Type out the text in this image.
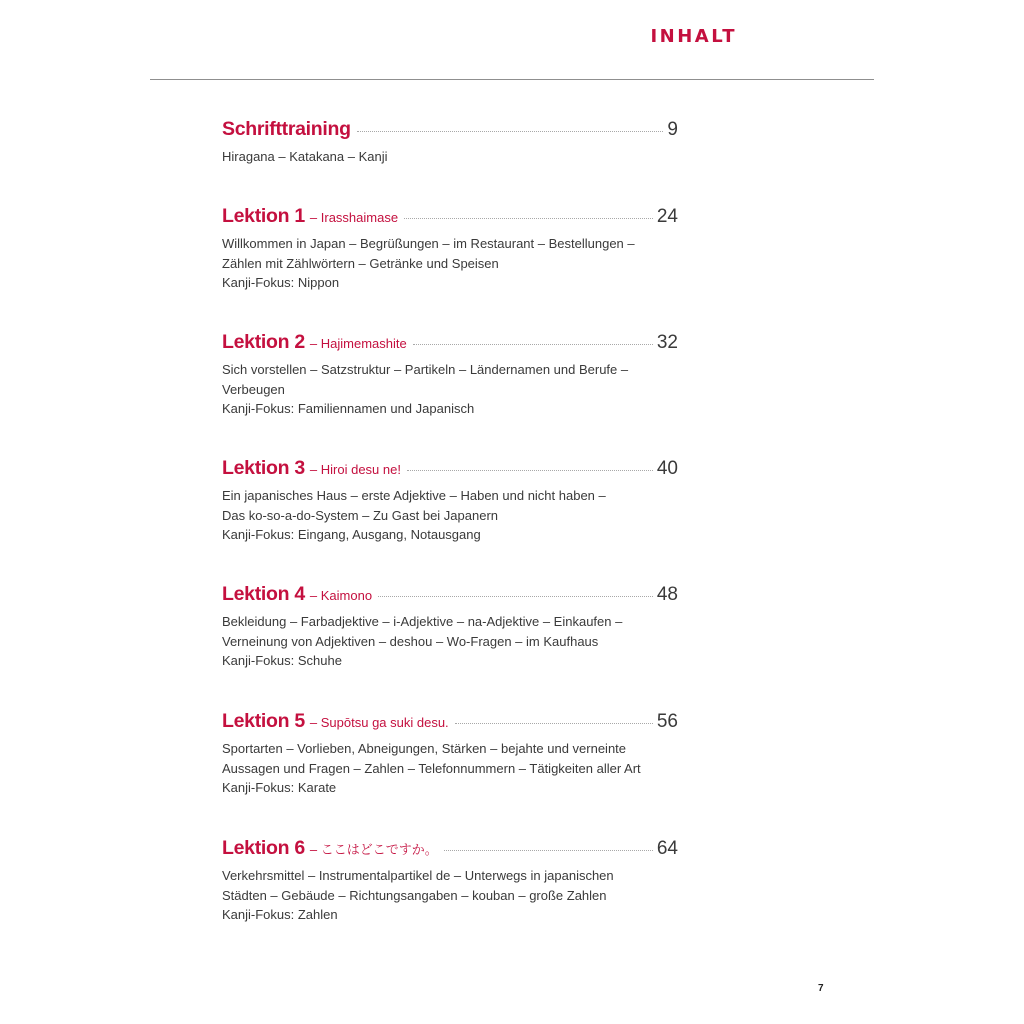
INHALT
Schrifttraining	9
Hiragana – Katakana – Kanji
Lektion 1 – Irasshaimase	24
Willkommen in Japan – Begrüßungen – im Restaurant – Bestellungen –
Zählen mit Zählwörtern – Getränke und Speisen
Kanji-Fokus: Nippon
Lektion 2 – Hajimemashite	32
Sich vorstellen – Satzstruktur – Partikeln – Ländernamen und Berufe –
Verbeugen
Kanji-Fokus: Familiennamen und Japanisch
Lektion 3 – Hiroi desu ne!	40
Ein japanisches Haus – erste Adjektive – Haben und nicht haben –
Das ko-so-a-do-System – Zu Gast bei Japanern
Kanji-Fokus: Eingang, Ausgang, Notausgang
Lektion 4 – Kaimono	48
Bekleidung – Farbadjektive – i-Adjektive – na-Adjektive – Einkaufen –
Verneinung von Adjektiven – deshou – Wo-Fragen – im Kaufhaus
Kanji-Fokus: Schuhe
Lektion 5 – Supōtsu ga suki desu.	56
Sportarten – Vorlieben, Abneigungen, Stärken – bejahte und verneinte
Aussagen und Fragen – Zahlen – Telefonnummern – Tätigkeiten aller Art
Kanji-Fokus: Karate
Lektion 6 – ここはどこですか。	64
Verkehrsmittel – Instrumentalpartikel de – Unterwegs in japanischen
Städten – Gebäude – Richtungsangaben – kouban – große Zahlen
Kanji-Fokus: Zahlen
7
